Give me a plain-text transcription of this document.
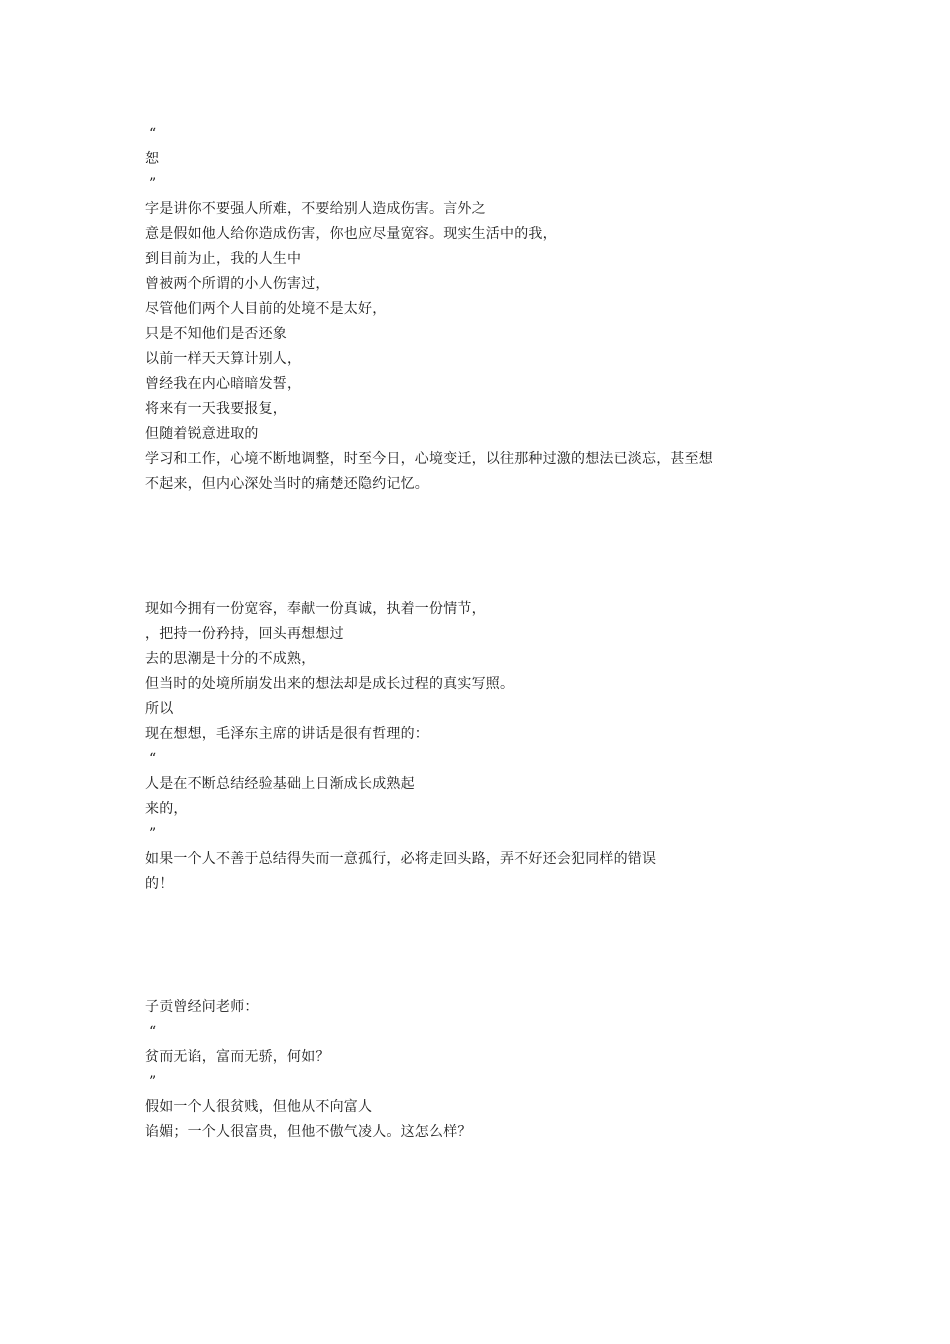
“
恕
”
字是讲你不要强人所难，不要给别人造成伤害。言外之
意是假如他人给你造成伤害，你也应尽量宽容。现实生活中的我，
到目前为止，我的人生中
曾被两个所谓的小人伤害过，
尽管他们两个人目前的处境不是太好，
只是不知他们是否还象
以前一样天天算计别人，
曾经我在内心暗暗发誓，
将来有一天我要报复，
但随着锐意进取的
学习和工作，心境不断地调整，时至今日，心境变迁，以往那种过激的想法已淡忘，甚至想
不起来，但内心深处当时的痛楚还隐约记忆。
现如今拥有一份宽容，奉献一份真诚，执着一份情节，
，把持一份矜持，回头再想想过
去的思潮是十分的不成熟，
但当时的处境所崩发出来的想法却是成长过程的真实写照。
所以
现在想想，毛泽东主席的讲话是很有哲理的：
“
人是在不断总结经验基础上日渐成长成熟起
来的，
”
如果一个人不善于总结得失而一意孤行，必将走回头路，弄不好还会犯同样的错误
的！
子贡曾经问老师：
“
贫而无谄，富而无骄，何如？
”
假如一个人很贫贱，但他从不向富人
谄媚；一个人很富贵，但他不傲气凌人。这怎么样？
